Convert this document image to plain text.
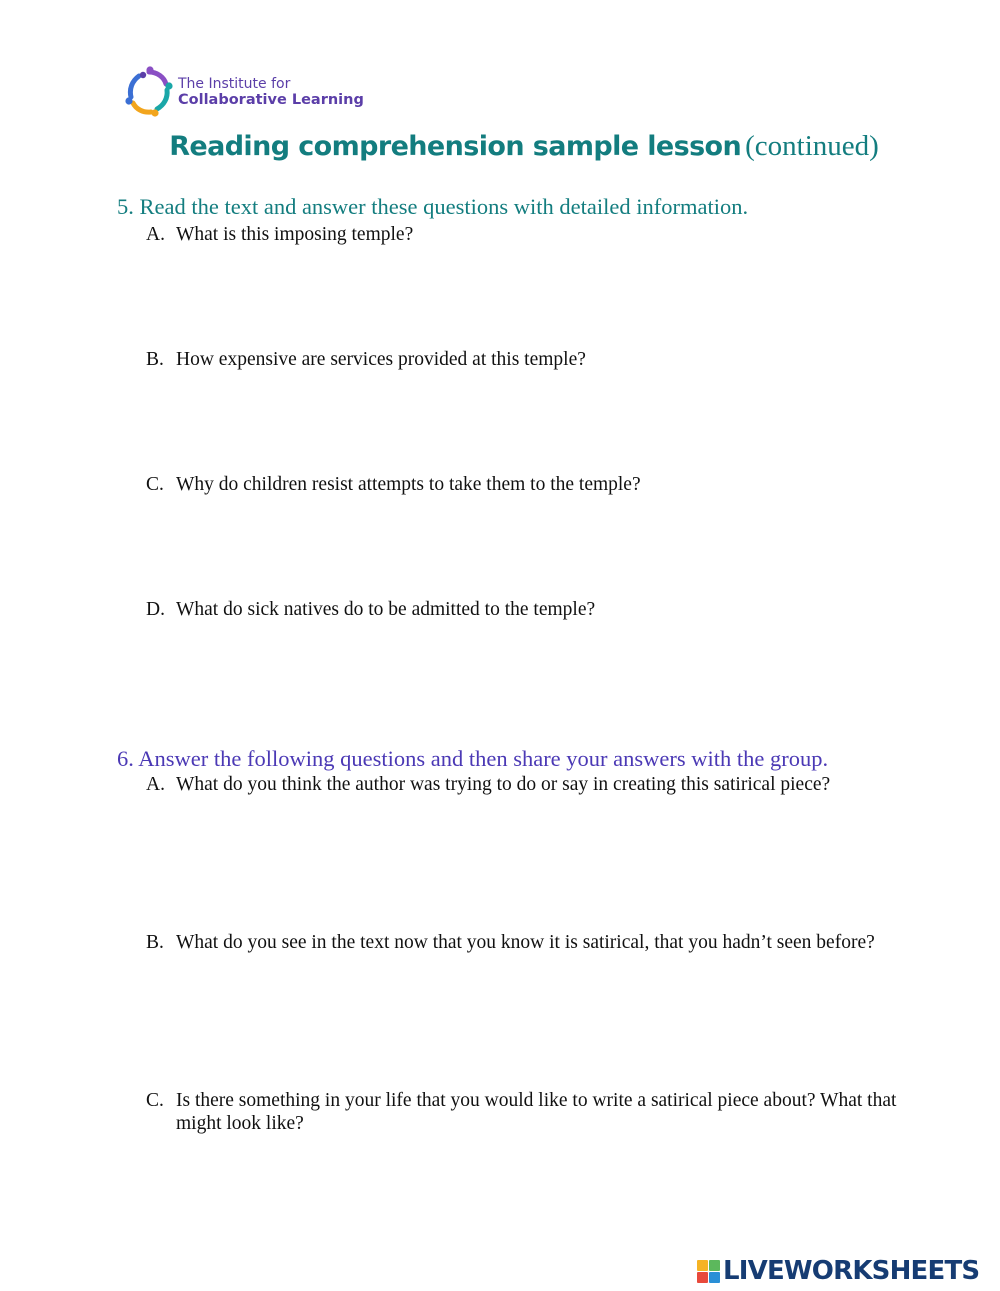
The Institute for
Collaborative Learning
Reading comprehension sample lesson (continued)
5. Read the text and answer these questions with detailed information.
A. What is this imposing temple?
B. How expensive are services provided at this temple?
C. Why do children resist attempts to take them to the temple?
D. What do sick natives do to be admitted to the temple?
6. Answer the following questions and then share your answers with the group.
A. What do you think the author was trying to do or say in creating this satirical piece?
B. What do you see in the text now that you know it is satirical, that you hadn’t seen before?
C. Is there something in your life that you would like to write a satirical piece about? What that might look like?
LIVEWORKSHEETS
